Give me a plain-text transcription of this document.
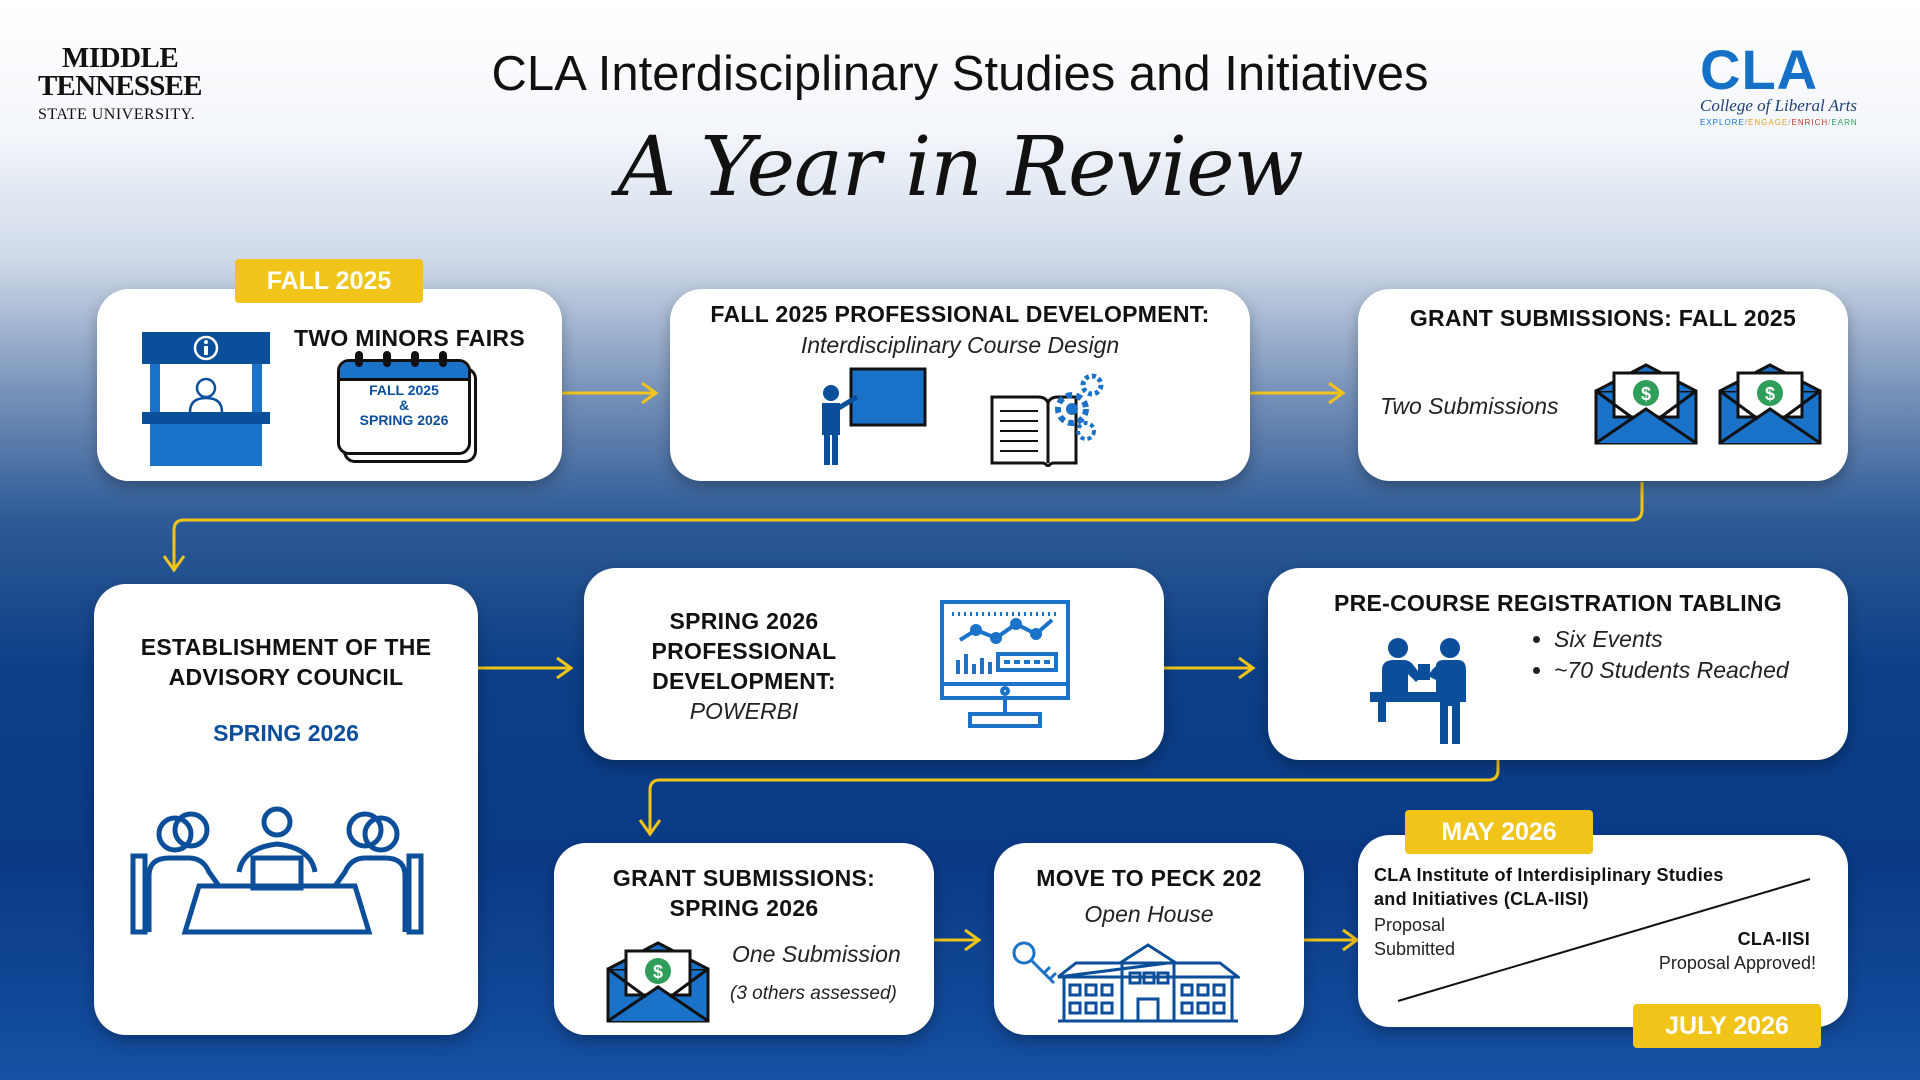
MIDDLE
TENNESSEE
STATE UNIVERSITY.
CLA Interdisciplinary Studies and Initiatives
A Year in Review
CLA
College of Liberal Arts
EXPLORE/ENGAGE/ENRICH/EARN
TWO MINORS FAIRS
FALL 2025
&
SPRING 2026
FALL 2025
FALL 2025 PROFESSIONAL DEVELOPMENT:
Interdisciplinary Course Design
GRANT SUBMISSIONS: FALL 2025
Two Submissions	$	$
ESTABLISHMENT OF THE
ADVISORY COUNCIL
SPRING 2026
SPRING 2026
PROFESSIONAL
DEVELOPMENT:
POWERBI
PRE-COURSE REGISTRATION TABLING
• Six Events
• ~70 Students Reached
GRANT SUBMISSIONS:
SPRING 2026
$
One Submission
(3 others assessed)
MOVE TO PECK 202
Open House
CLA Institute of Interdisiplinary Studies
and Initiatives (CLA-IISI)
Proposal
Submitted	CLA-IISI
Proposal Approved!
MAY 2026
JULY 2026
